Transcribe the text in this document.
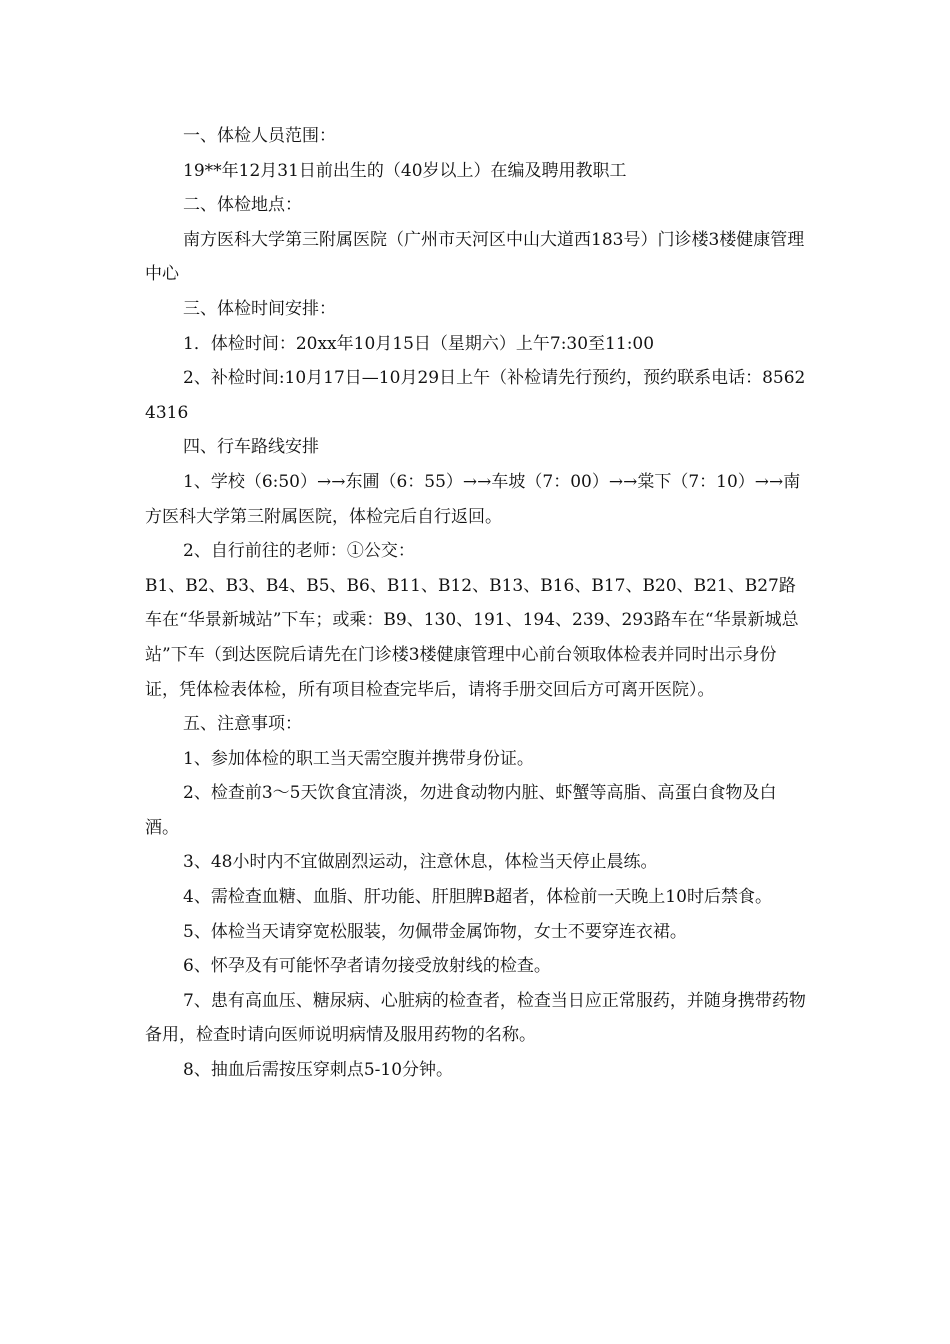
一、体检人员范围：

19**年12月31日前出生的（40岁以上）在编及聘用教职工

二、体检地点：

南方医科大学第三附属医院（广州市天河区中山大道西183号）门诊楼3楼健康管理中心

三、体检时间安排：

1．体检时间：20xx年10月15日（星期六）上午7:30至11:00

2、补检时间:10月17日—10月29日上午（补检请先行预约，预约联系电话：85624316

四、行车路线安排

1、学校（6:50）→→东圃（6：55）→→车坡（7：00）→→棠下（7：10）→→南方医科大学第三附属医院，体检完后自行返回。

2、自行前往的老师：①公交：

B1、B2、B3、B4、B5、B6、B11、B12、B13、B16、B17、B20、B21、B27路车在“华景新城站”下车；或乘：B9、130、191、194、239、293路车在“华景新城总站”下车（到达医院后请先在门诊楼3楼健康管理中心前台领取体检表并同时出示身份证，凭体检表体检，所有项目检查完毕后，请将手册交回后方可离开医院）。

五、注意事项：

1、参加体检的职工当天需空腹并携带身份证。

2、检查前3～5天饮食宜清淡，勿进食动物内脏、虾蟹等高脂、高蛋白食物及白酒。

3、48小时内不宜做剧烈运动，注意休息，体检当天停止晨练。

4、需检查血糖、血脂、肝功能、肝胆脾B超者，体检前一天晚上10时后禁食。

5、体检当天请穿宽松服装，勿佩带金属饰物，女士不要穿连衣裙。

6、怀孕及有可能怀孕者请勿接受放射线的检查。

7、患有高血压、糖尿病、心脏病的检查者，检查当日应正常服药，并随身携带药物备用，检查时请向医师说明病情及服用药物的名称。

8、抽血后需按压穿刺点5-10分钟。
